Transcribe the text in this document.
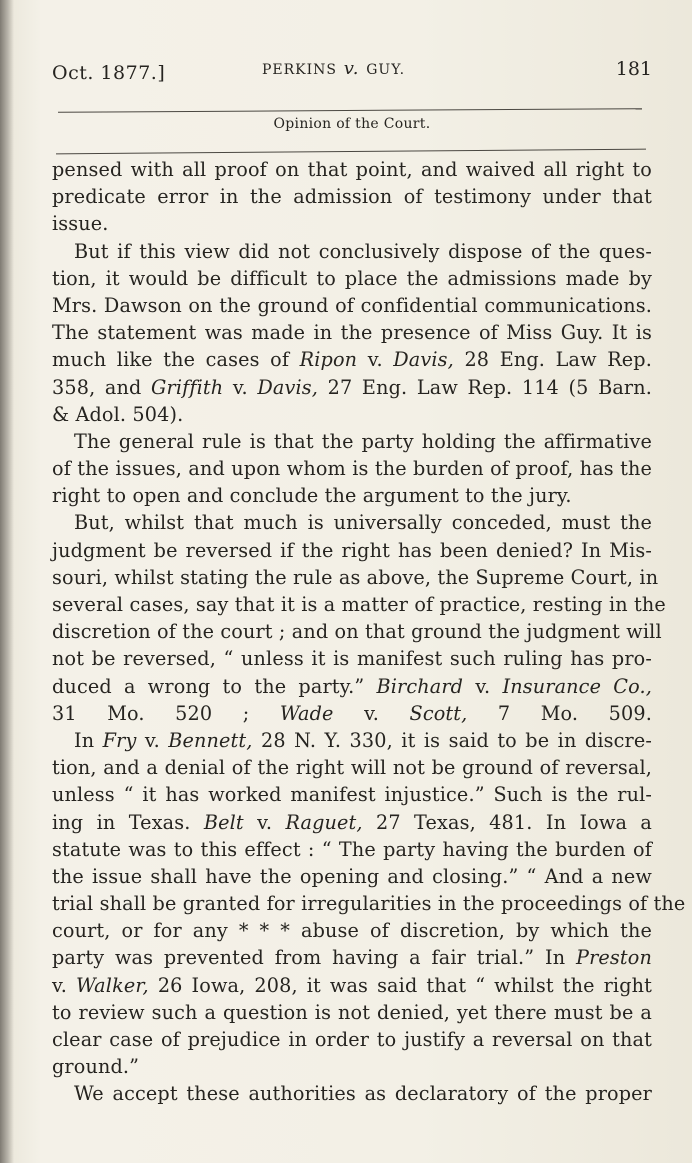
Oct. 1877.]	PERKINS v. GUY.	181
Opinion of the Court.
pensed with all proof on that point, and waived all right to
predicate error in the admission of testimony under that
issue.
But if this view did not conclusively dispose of the ques-
tion, it would be difficult to place the admissions made by
Mrs. Dawson on the ground of confidential communications.
The statement was made in the presence of Miss Guy. It is
much like the cases of Ripon v. Davis, 28 Eng. Law Rep.
358, and Griffith v. Davis, 27 Eng. Law Rep. 114 (5 Barn.
& Adol. 504).
The general rule is that the party holding the affirmative
of the issues, and upon whom is the burden of proof, has the
right to open and conclude the argument to the jury.
But, whilst that much is universally conceded, must the
judgment be reversed if the right has been denied? In Mis-
souri, whilst stating the rule as above, the Supreme Court, in
several cases, say that it is a matter of practice, resting in the
discretion of the court ; and on that ground the judgment will
not be reversed, “ unless it is manifest such ruling has pro-
duced a wrong to the party.” Birchard v. Insurance Co.,
31 Mo. 520 ; Wade v. Scott, 7 Mo. 509.
In Fry v. Bennett, 28 N. Y. 330, it is said to be in discre-
tion, and a denial of the right will not be ground of reversal,
unless “ it has worked manifest injustice.” Such is the rul-
ing in Texas. Belt v. Raguet, 27 Texas, 481. In Iowa a
statute was to this effect : “ The party having the burden of
the issue shall have the opening and closing.” “ And a new
trial shall be granted for irregularities in the proceedings of the
court, or for any * * * abuse of discretion, by which the
party was prevented from having a fair trial.” In Preston
v. Walker, 26 Iowa, 208, it was said that “ whilst the right
to review such a question is not denied, yet there must be a
clear case of prejudice in order to justify a reversal on that
ground.”
We accept these authorities as declaratory of the proper
